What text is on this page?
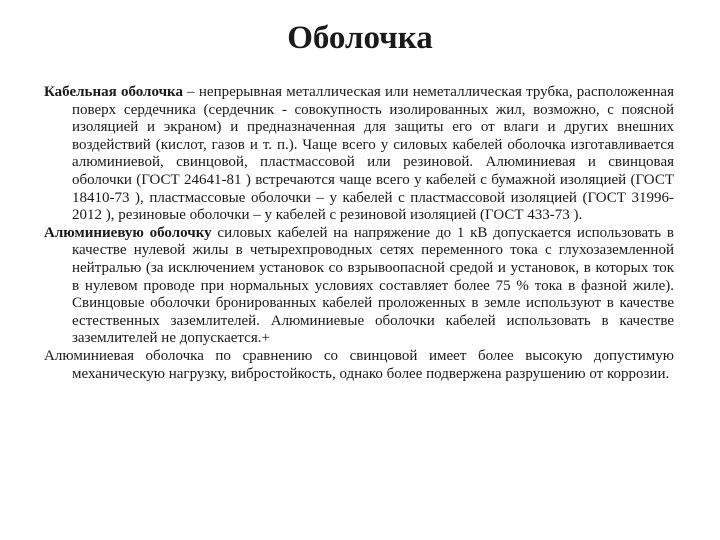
Оболочка

Кабельная оболочка – непрерывная металлическая или неметаллическая трубка, расположенная поверх сердечника (сердечник - совокупность изолированных жил, возможно, с поясной изоляцией и экраном) и предназначенная для защиты его от влаги и других внешних воздействий (кислот, газов и т. п.). Чаще всего у силовых кабелей оболочка изготавливается алюминиевой, свинцовой, пластмассовой или резиновой. Алюминиевая и свинцовая оболочки (ГОСТ 24641-81 ) встречаются чаще всего у кабелей с бумажной изоляцией (ГОСТ 18410-73 ), пластмассовые оболочки – у кабелей с пластмассовой изоляцией (ГОСТ 31996-2012 ), резиновые оболочки – у кабелей с резиновой изоляцией (ГОСТ 433-73 ).

Алюминиевую оболочку силовых кабелей на напряжение до 1 кВ допускается использовать в качестве нулевой жилы в четырехпроводных сетях переменного тока с глухозаземленной нейтралью (за исключением установок со взрывоопасной средой и установок, в которых ток в нулевом проводе при нормальных условиях составляет более 75 % тока в фазной жиле). Свинцовые оболочки бронированных кабелей проложенных в земле используют в качестве естественных заземлителей. Алюминиевые оболочки кабелей использовать в качестве заземлителей не допускается.+

Алюминиевая оболочка по сравнению со свинцовой имеет более высокую допустимую механическую нагрузку, вибростойкость, однако более подвержена разрушению от коррозии.
